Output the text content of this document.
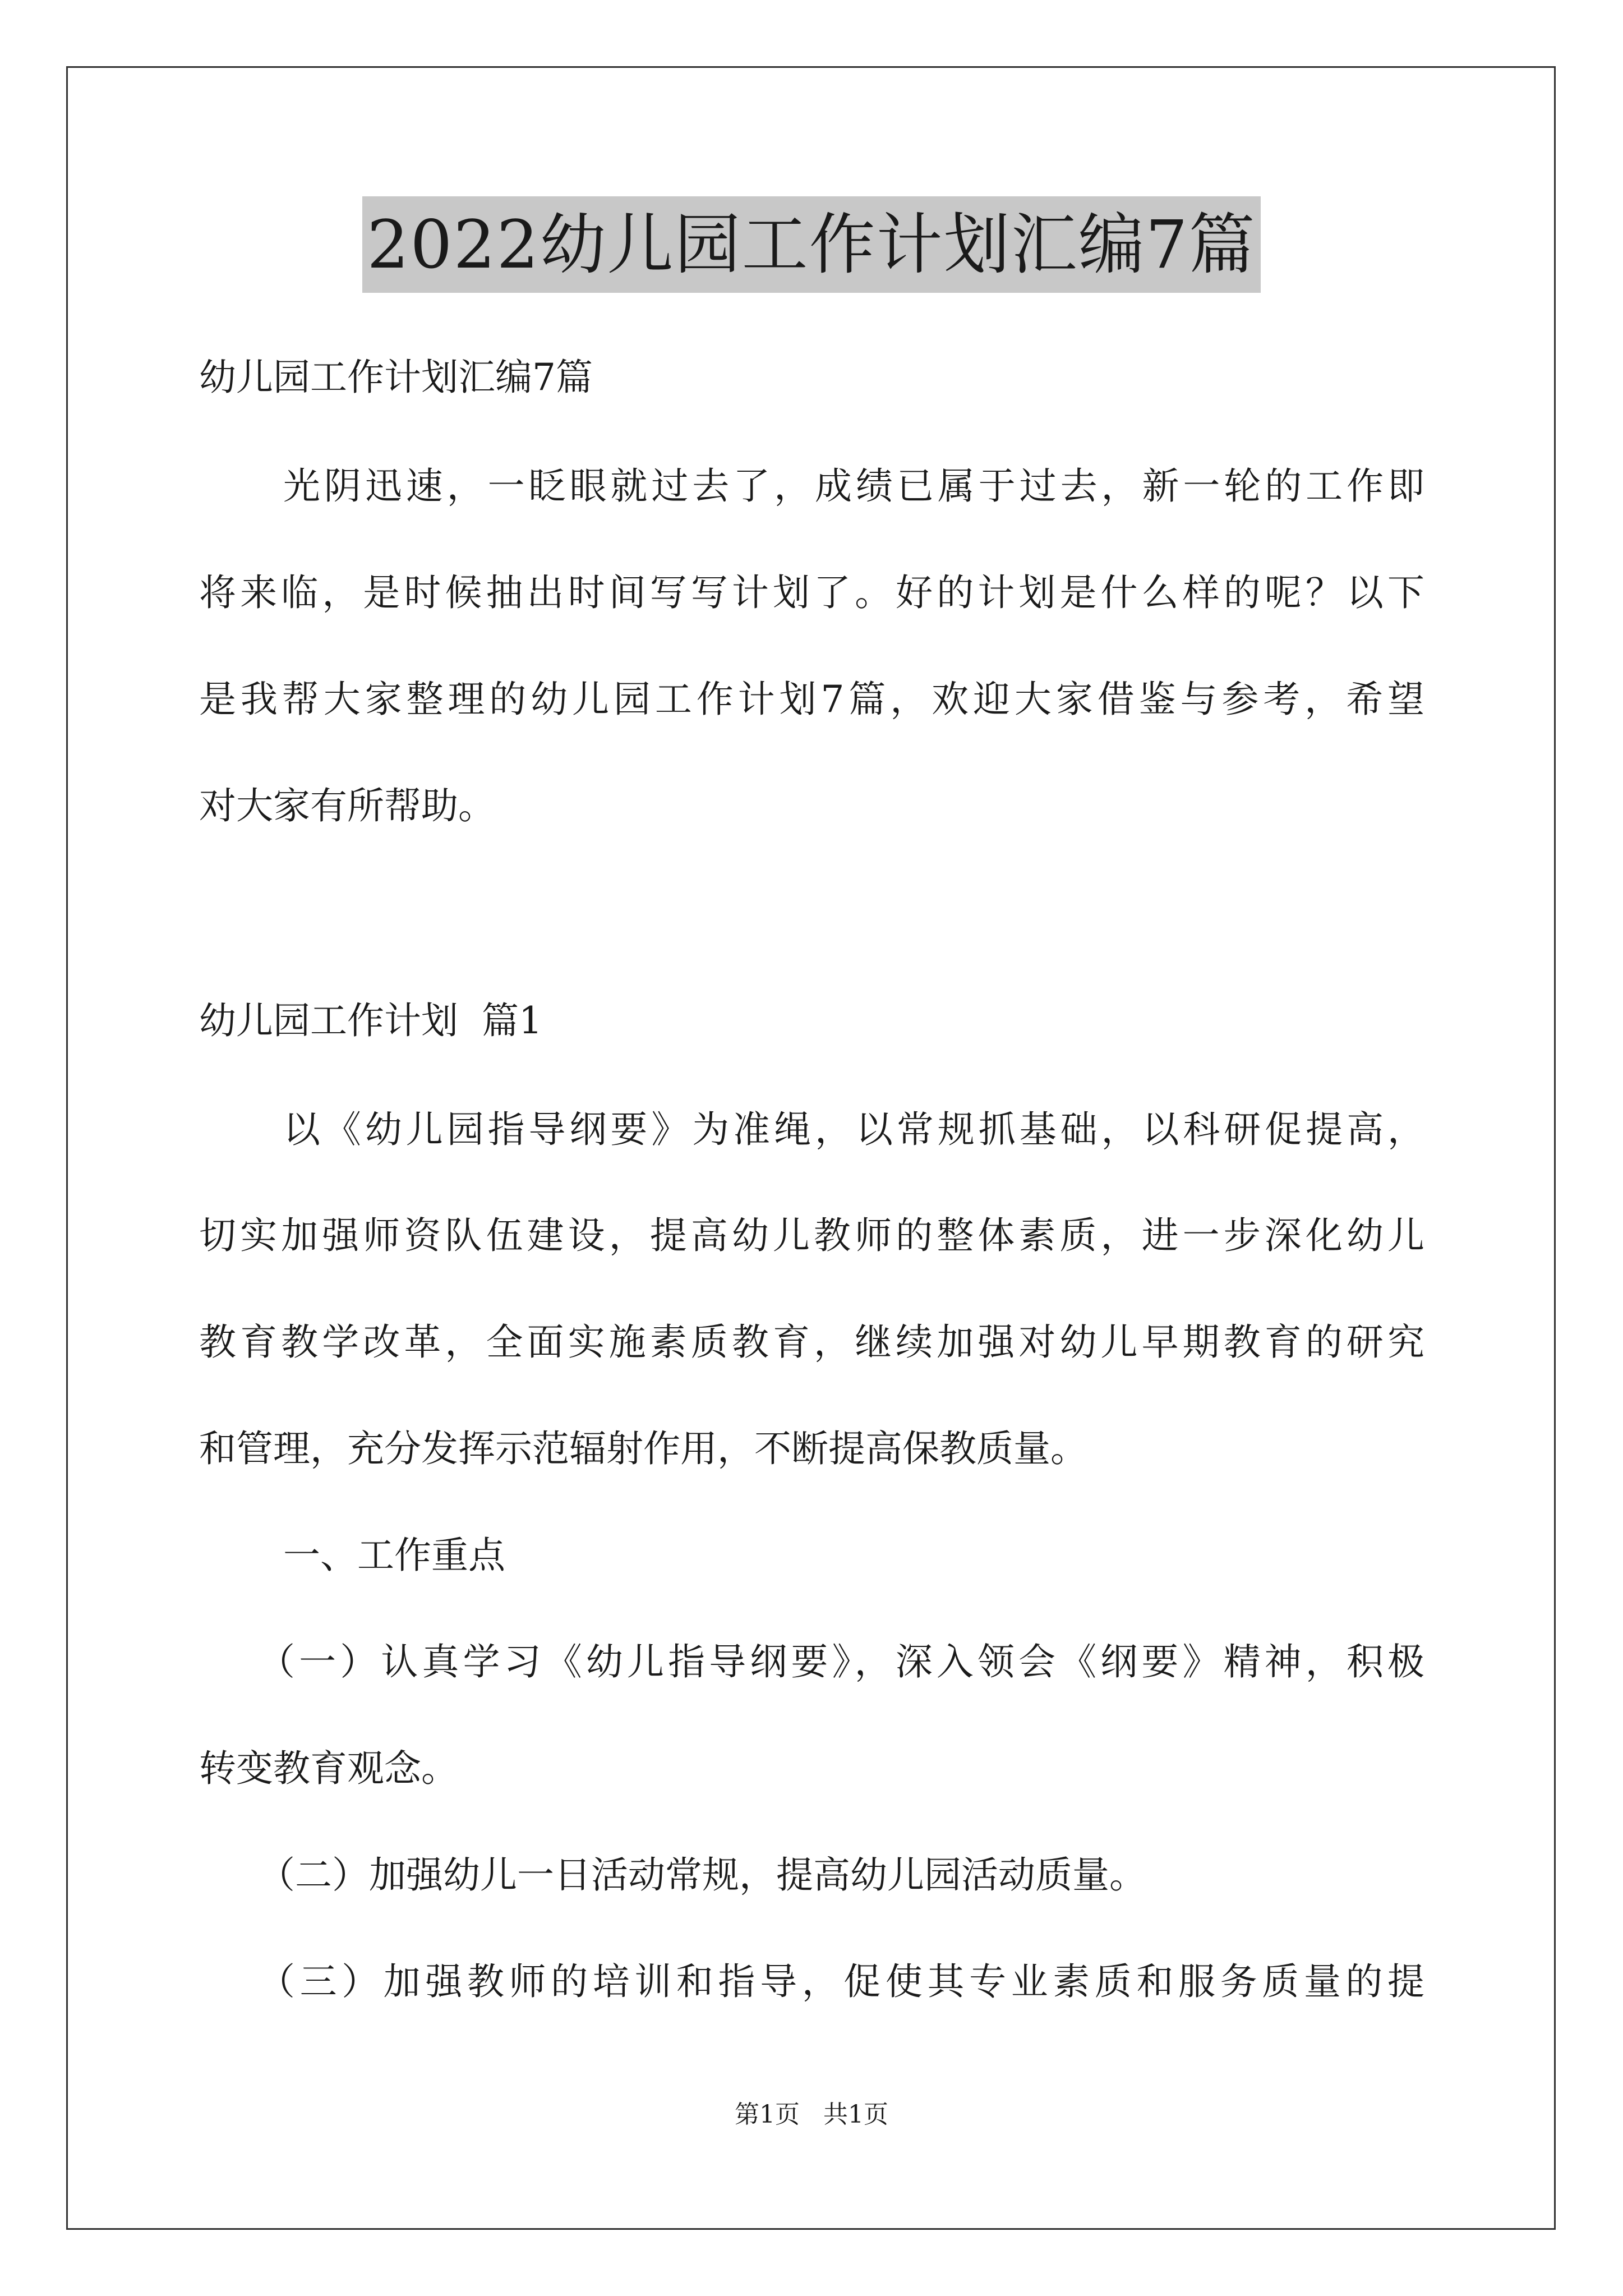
2022幼儿园工作计划汇编7篇
幼儿园工作计划汇编7篇
光阴迅速，一眨眼就过去了，成绩已属于过去，新一轮的工作即
将来临，是时候抽出时间写写计划了。好的计划是什么样的呢？以下
是我帮大家整理的幼儿园工作计划7篇，欢迎大家借鉴与参考，希望
对大家有所帮助。
幼儿园工作计划  篇1
以《幼儿园指导纲要》为准绳，以常规抓基础，以科研促提高，
切实加强师资队伍建设，提高幼儿教师的整体素质，进一步深化幼儿
教育教学改革，全面实施素质教育，继续加强对幼儿早期教育的研究
和管理，充分发挥示范辐射作用，不断提高保教质量。
一、工作重点
（一）认真学习《幼儿指导纲要》，深入领会《纲要》精神，积极
转变教育观念。
（二）加强幼儿一日活动常规，提高幼儿园活动质量。
（三）加强教师的培训和指导，促使其专业素质和服务质量的提
第1页   共1页
